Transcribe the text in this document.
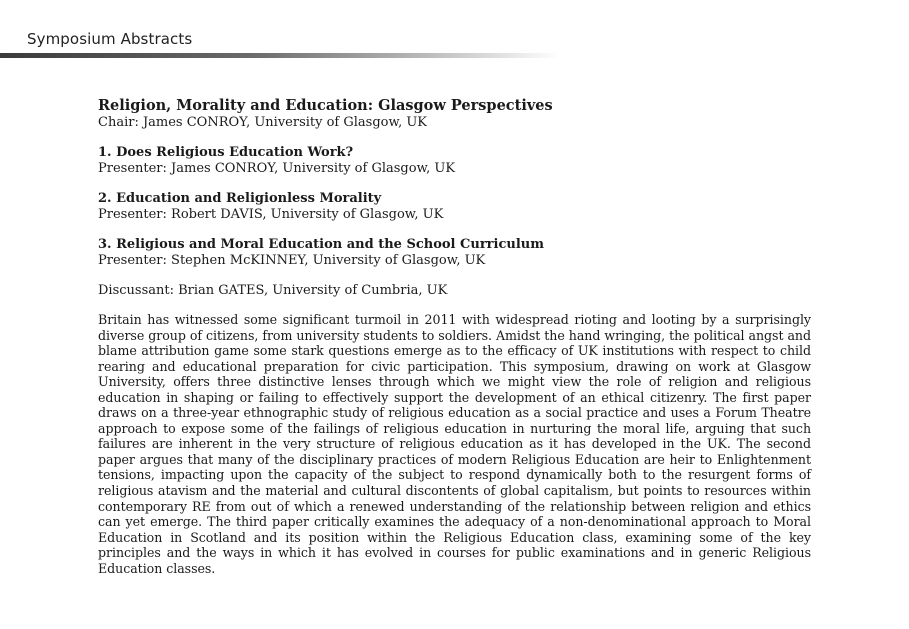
Symposium Abstracts

Religion, Morality and Education: Glasgow Perspectives

Chair: James CONROY, University of Glasgow, UK

1. Does Religious Education Work?

Presenter: James CONROY, University of Glasgow, UK

2. Education and Religionless Morality

Presenter: Robert DAVIS, University of Glasgow, UK

3. Religious and Moral Education and the School Curriculum

Presenter: Stephen McKINNEY, University of Glasgow, UK

Discussant: Brian GATES, University of Cumbria, UK

Britain has witnessed some significant turmoil in 2011 with widespread rioting and looting by a surprisingly diverse group of citizens, from university students to soldiers. Amidst the hand wringing, the political angst and blame attribution game some stark questions emerge as to the efficacy of UK institutions with respect to child rearing and educational preparation for civic participation. This symposium, drawing on work at Glasgow University, offers three distinctive lenses through which we might view the role of religion and religious education in shaping or failing to effectively support the development of an ethical citizenry. The first paper draws on a three-year ethnographic study of religious education as a social practice and uses a Forum Theatre approach to expose some of the failings of religious education in nurturing the moral life, arguing that such failures are inherent in the very structure of religious education as it has developed in the UK. The second paper argues that many of the disciplinary practices of modern Religious Education are heir to Enlightenment tensions, impacting upon the capacity of the subject to respond dynamically both to the resurgent forms of religious atavism and the material and cultural discontents of global capitalism, but points to resources within contemporary RE from out of which a renewed understanding of the relationship between religion and ethics can yet emerge. The third paper critically examines the adequacy of a non-denominational approach to Moral Education in Scotland and its position within the Religious Education class, examining some of the key principles and the ways in which it has evolved in courses for public examinations and in generic Religious Education classes.
